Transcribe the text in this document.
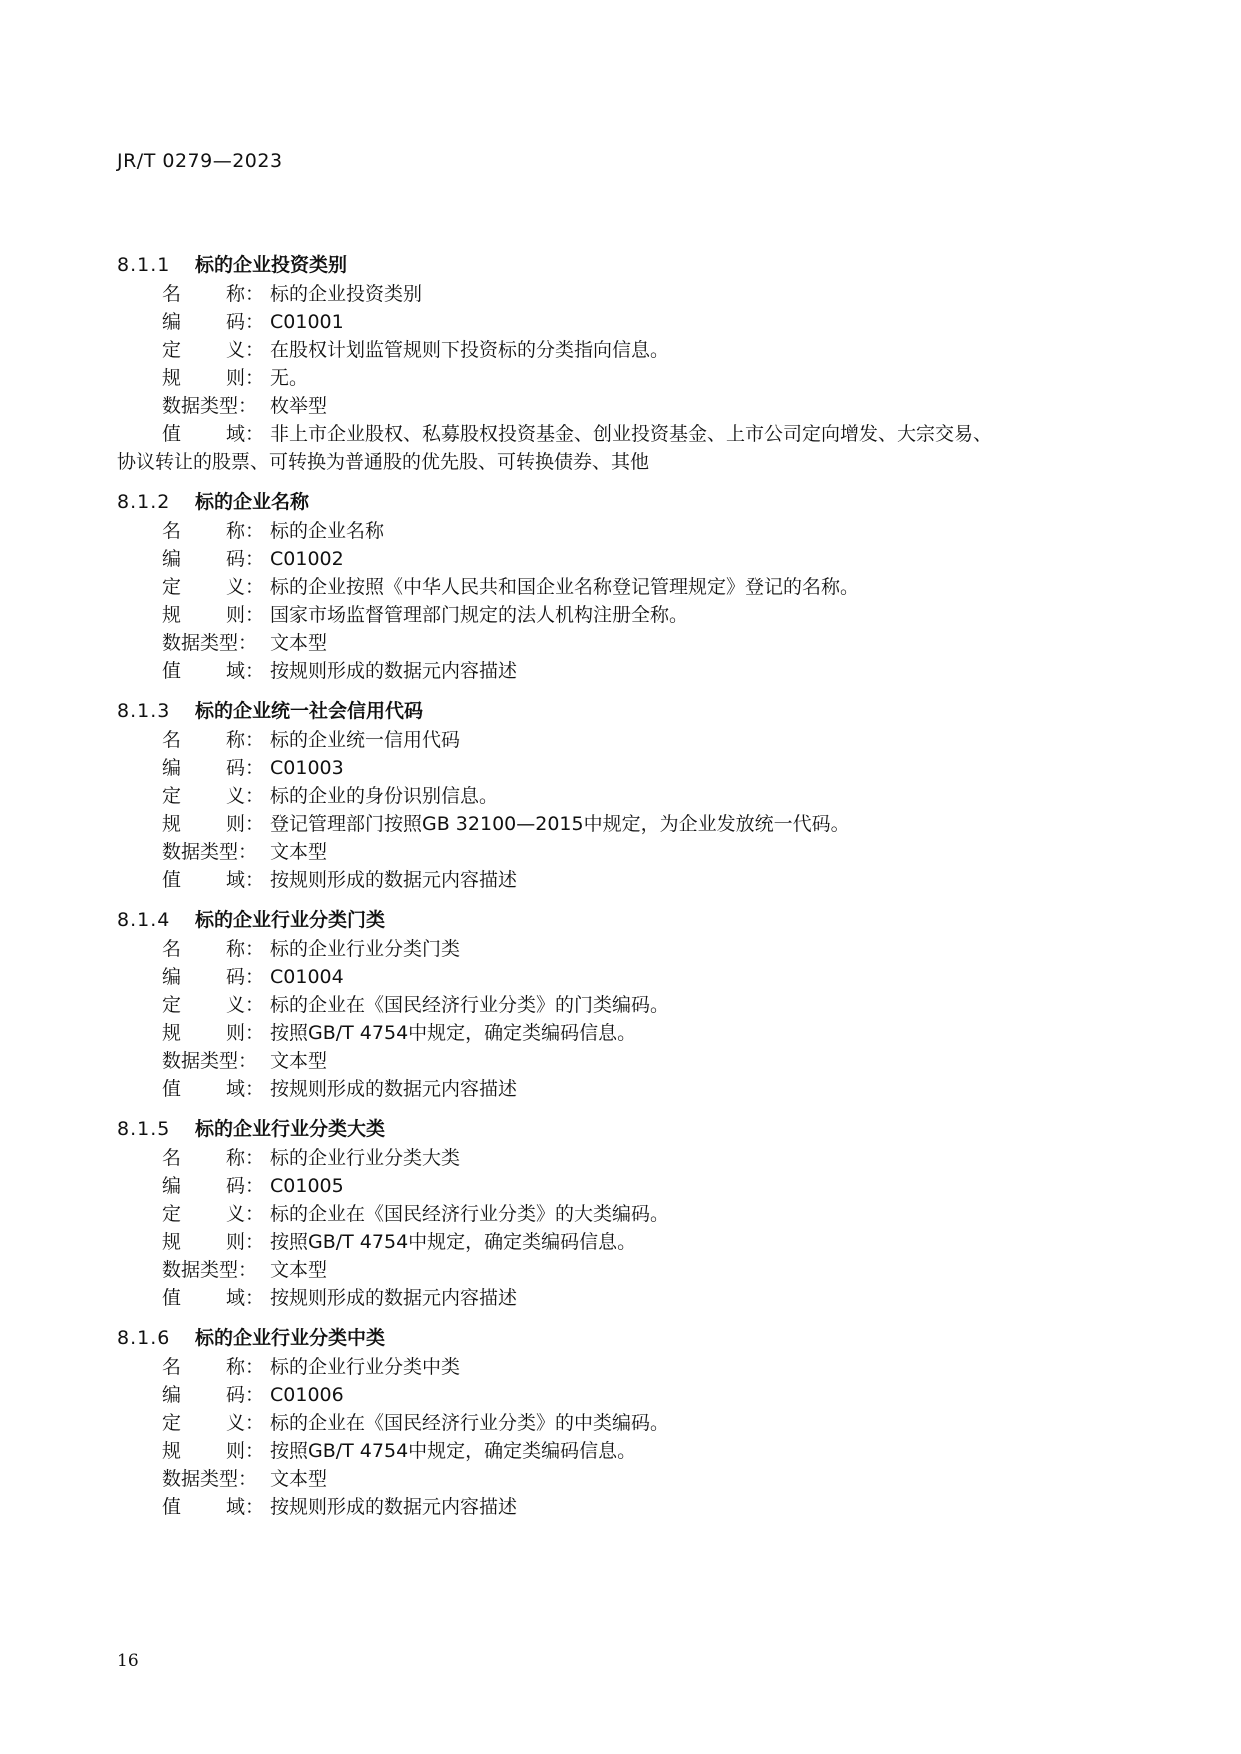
JR/T 0279—2023
8.1.1	标的企业投资类别
名 称： 标的企业投资类别
编 码： C01001
定 义： 在股权计划监管规则下投资标的分类指向信息。
规 则： 无。
数据类型： 枚举型
值 域： 非上市企业股权、私募股权投资基金、创业投资基金、上市公司定向增发、大宗交易、
协议转让的股票、可转换为普通股的优先股、可转换债券、其他
8.1.2	标的企业名称
名 称： 标的企业名称
编 码： C01002
定 义： 标的企业按照《中华人民共和国企业名称登记管理规定》登记的名称。
规 则： 国家市场监督管理部门规定的法人机构注册全称。
数据类型： 文本型
值 域： 按规则形成的数据元内容描述
8.1.3	标的企业统一社会信用代码
名 称： 标的企业统一信用代码
编 码： C01003
定 义： 标的企业的身份识别信息。
规 则： 登记管理部门按照GB 32100—2015中规定，为企业发放统一代码。
数据类型： 文本型
值 域： 按规则形成的数据元内容描述
8.1.4	标的企业行业分类门类
名 称： 标的企业行业分类门类
编 码： C01004
定 义： 标的企业在《国民经济行业分类》的门类编码。
规 则： 按照GB/T 4754中规定，确定类编码信息。
数据类型： 文本型
值 域： 按规则形成的数据元内容描述
8.1.5	标的企业行业分类大类
名 称： 标的企业行业分类大类
编 码： C01005
定 义： 标的企业在《国民经济行业分类》的大类编码。
规 则： 按照GB/T 4754中规定，确定类编码信息。
数据类型： 文本型
值 域： 按规则形成的数据元内容描述
8.1.6	标的企业行业分类中类
名 称： 标的企业行业分类中类
编 码： C01006
定 义： 标的企业在《国民经济行业分类》的中类编码。
规 则： 按照GB/T 4754中规定，确定类编码信息。
数据类型： 文本型
值 域： 按规则形成的数据元内容描述
16
